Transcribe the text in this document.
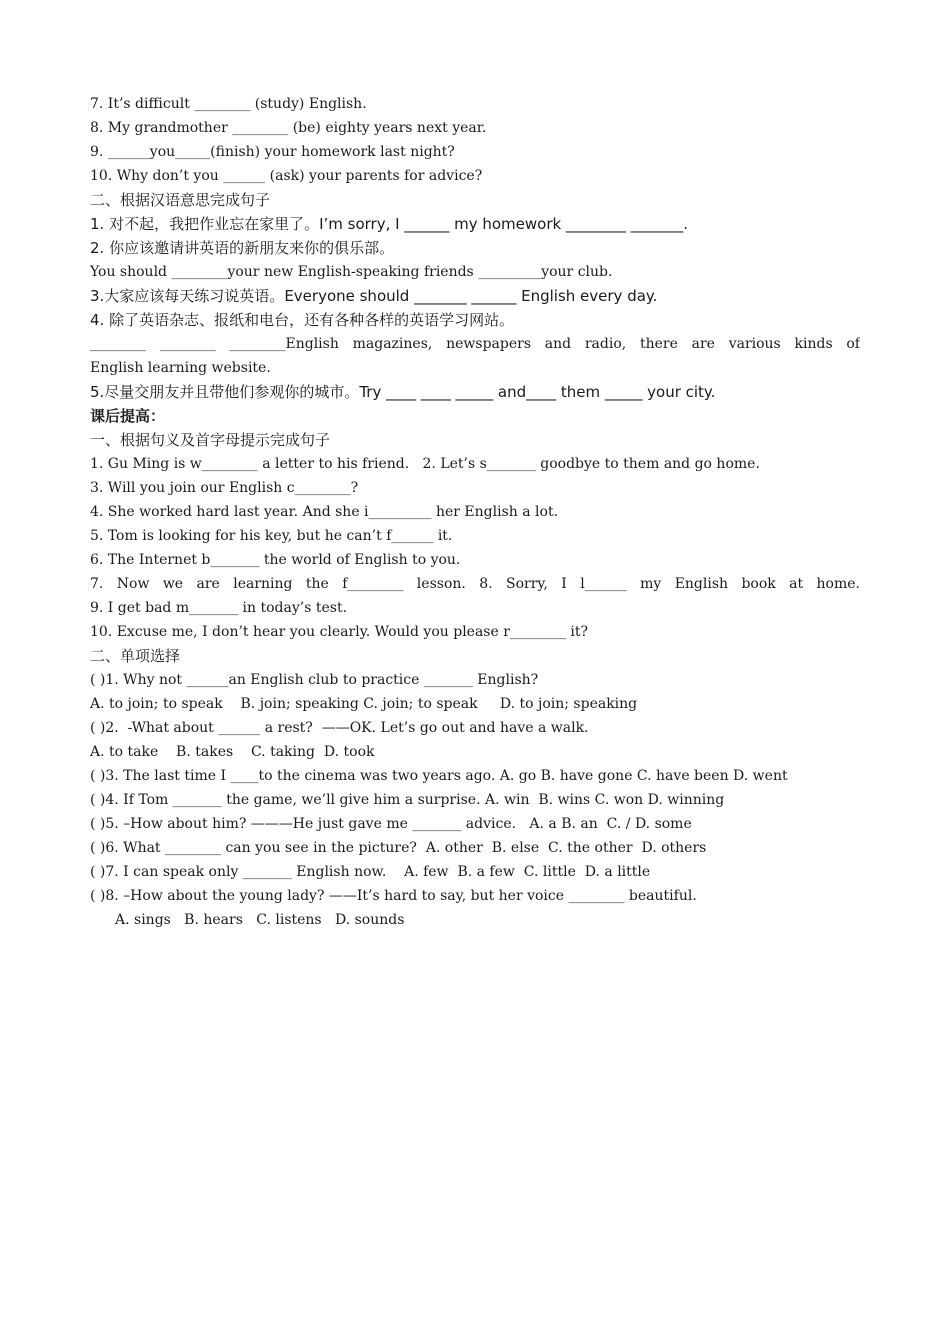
7. It’s difficult ________ (study) English.
8. My grandmother ________ (be) eighty years next year.
9. ______you_____(finish) your homework last night?
10. Why don’t you ______ (ask) your parents for advice?
二、根据汉语意思完成句子
1. 对不起，我把作业忘在家里了。I’m sorry, I ______ my homework ________ _______.
2. 你应该邀请讲英语的新朋友来你的俱乐部。
You should ________your new English-speaking friends _________your club.
3.大家应该每天练习说英语。Everyone should _______ ______ English every day.
4. 除了英语杂志、报纸和电台，还有各种各样的英语学习网站。
________ ________ ________English magazines, newspapers and radio, there are various kinds of
English learning website.
5.尽量交朋友并且带他们参观你的城市。Try ____ ____ _____ and____ them _____ your city.
课后提高：
一、根据句义及首字母提示完成句子
1. Gu Ming is w________ a letter to his friend.   2. Let’s s_______ goodbye to them and go home.
3. Will you join our English c________?
4. She worked hard last year. And she i_________ her English a lot.
5. Tom is looking for his key, but he can’t f______ it.
6. The Internet b_______ the world of English to you.
7. Now we are learning the f________ lesson. 8. Sorry, I l______ my English book at home.
9. I get bad m_______ in today’s test.
10. Excuse me, I don’t hear you clearly. Would you please r________ it?
二、单项选择
( )1. Why not ______an English club to practice _______ English?
A. to join; to speak    B. join; speaking C. join; to speak     D. to join; speaking
( )2.  -What about ______ a rest?  ——OK. Let’s go out and have a walk.
A. to take    B. takes    C. taking  D. took
( )3. The last time I ____to the cinema was two years ago. A. go B. have gone C. have been D. went
( )4. If Tom _______ the game, we’ll give him a surprise. A. win  B. wins C. won D. winning
( )5. –How about him? ———He just gave me _______ advice.   A. a B. an  C. / D. some
( )6. What ________ can you see in the picture?  A. other  B. else  C. the other  D. others
( )7. I can speak only _______ English now.    A. few  B. a few  C. little  D. a little
( )8. –How about the young lady? ——It’s hard to say, but her voice ________ beautiful.
A. sings   B. hears   C. listens   D. sounds
